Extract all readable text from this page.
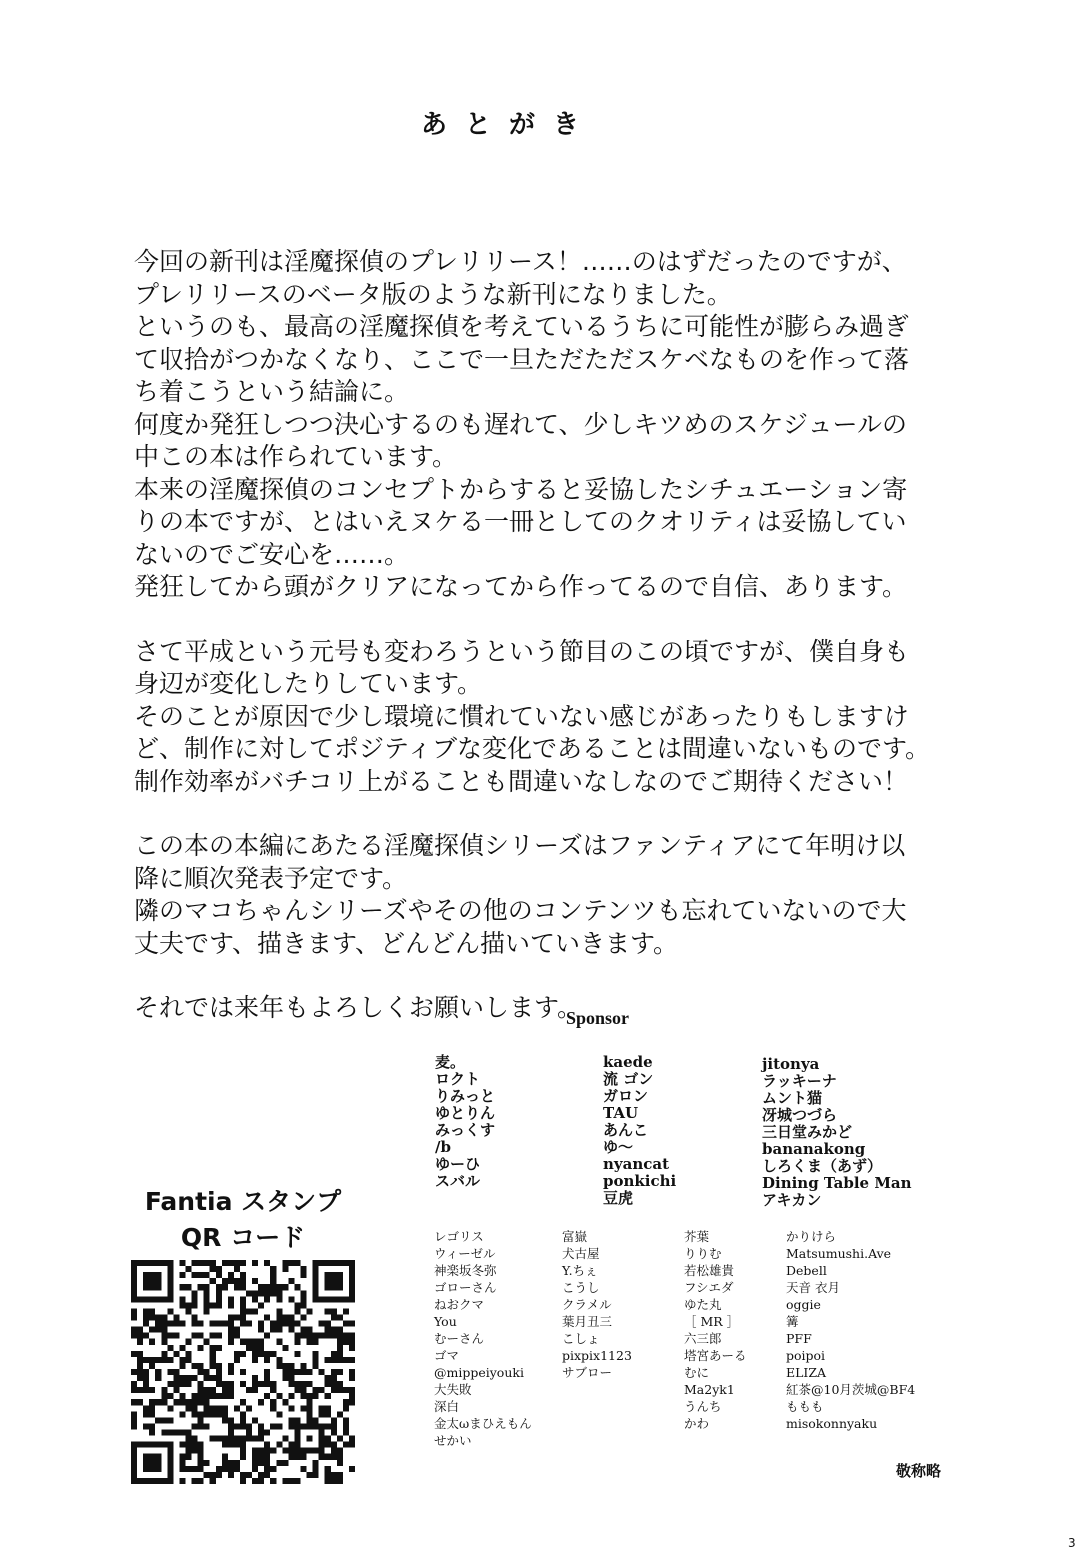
あとがき
今回の新刊は淫魔探偵のプレリリース！……のはずだったのですが、
プレリリースのベータ版のような新刊になりました。
というのも、最高の淫魔探偵を考えているうちに可能性が膨らみ過ぎ
て収拾がつかなくなり、ここで一旦ただただスケベなものを作って落
ち着こうという結論に。
何度か発狂しつつ決心するのも遅れて、少しキツめのスケジュールの
中この本は作られています。
本来の淫魔探偵のコンセプトからすると妥協したシチュエーション寄
りの本ですが、とはいえヌケる一冊としてのクオリティは妥協してい
ないのでご安心を……。
発狂してから頭がクリアになってから作ってるので自信、あります。
さて平成という元号も変わろうという節目のこの頃ですが、僕自身も
身辺が変化したりしています。
そのことが原因で少し環境に慣れていない感じがあったりもしますけ
ど、制作に対してポジティブな変化であることは間違いないものです。
制作効率がバチコリ上がることも間違いなしなのでご期待ください！
この本の本編にあたる淫魔探偵シリーズはファンティアにて年明け以
降に順次発表予定です。
隣のマコちゃんシリーズやその他のコンテンツも忘れていないので大
丈夫です、描きます、どんどん描いていきます。
それでは来年もよろしくお願いします。
Sponsor
麦。
ロクト
りみっと
ゆとりん
みっくす
/b
ゆーひ
スバル
kaede
流 ゴン
ガロン
TAU
あんこ
ゆ～
nyancat
ponkichi
豆虎
jitonya
ラッキーナ
ムント猫
冴城つづら
三日堂みかど
bananakong
しろくま（あず）
Dining Table Man
アキカン
レゴリス
ウィーゼル
神楽坂冬弥
ゴローさん
ねおクマ
You
むーさん
ゴマ
@mippeiyouki
大失敗
深白
金太ωまひえもん
せかい
富嶽
犬古屋
Y.ちぇ
こうし
クラメル
葉月丑三
こしょ
pixpix1123
サブロー
芥葉
りりむ
若松雄貴
フシエダ
ゆた丸
［ MR ］
六三郎
塔宮あーる
むに
Ma2yk1
うんち
かわ
かりけら
Matsumushi.Ave
Debell
天音 衣月
oggie
篝
PFF
poipoi
ELIZA
紅茶@10月茨城@BF4
ももも
misokonnyaku
Fantia スタンプ
QR コード
敬称略
3
